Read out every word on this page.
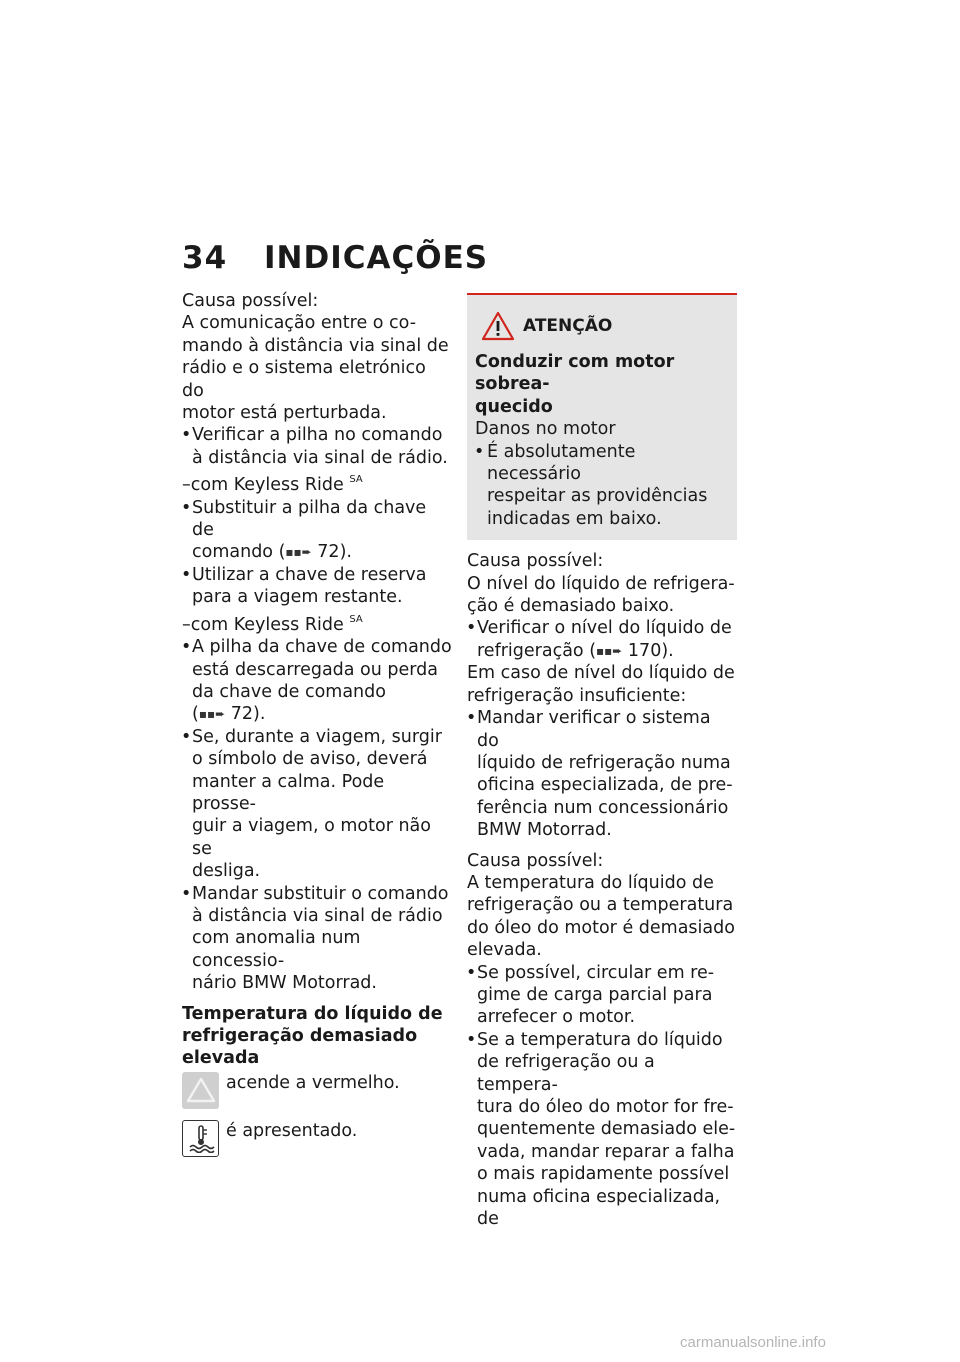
34 INDICAÇÕES

Causa possível:

A comunicação entre o co-

mando à distância via sinal de

rádio e o sistema eletrónico do

motor está perturbada.

• Verificar a pilha no comando
à distância via sinal de rádio.

–com Keyless Ride $^{SA}$

• Substituir a pilha da chave de
comando (▪▪➨ 72).
• Utilizar a chave de reserva
para a viagem restante.

–com Keyless Ride $^{SA}$

• A pilha da chave de comando
está descarregada ou perda
da chave de comando
(▪▪➨ 72).
• Se, durante a viagem, surgir
o símbolo de aviso, deverá
manter a calma. Pode prosse-
guir a viagem, o motor não se
desliga.
• Mandar substituir o comando
à distância via sinal de rádio
com anomalia num concessio-
nário BMW Motorrad.
Temperatura do líquido de
refrigeração demasiado
elevada
acende a vermelho.
é apresentado.
ATENÇÃO
Conduzir com motor sobrea-
quecido

Danos no motor

• É absolutamente necessário
respeitar as providências
indicadas em baixo.

Causa possível:

O nível do líquido de refrigera-

ção é demasiado baixo.

• Verificar o nível do líquido de
refrigeração (▪▪➨ 170).

Em caso de nível do líquido de

refrigeração insuficiente:

• Mandar verificar o sistema do
líquido de refrigeração numa
oficina especializada, de pre-
ferência num concessionário
BMW Motorrad.

Causa possível:

A temperatura do líquido de

refrigeração ou a temperatura

do óleo do motor é demasiado

elevada.

• Se possível, circular em re-
gime de carga parcial para
arrefecer o motor.
• Se a temperatura do líquido
de refrigeração ou a tempera-
tura do óleo do motor for fre-
quentemente demasiado ele-
vada, mandar reparar a falha
o mais rapidamente possível
numa oficina especializada, de
carmanualsonline.info
